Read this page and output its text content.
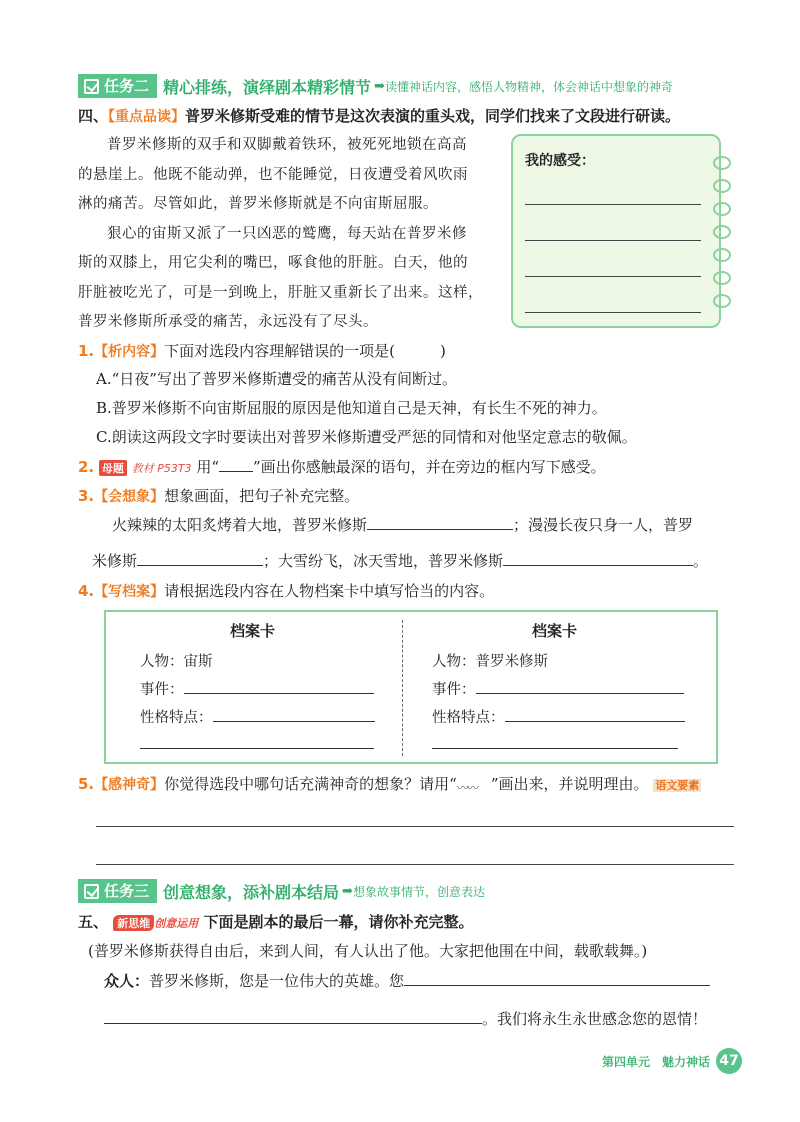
任务二 精心排练，演绎剧本精彩情节 ➡ 读懂神话内容，感悟人物精神，体会神话中想象的神奇
四、【重点品读】普罗米修斯受难的情节是这次表演的重头戏，同学们找来了文段进行研读。

普罗米修斯的双手和双脚戴着铁环，被死死地锁在高高

的悬崖上。他既不能动弹，也不能睡觉，日夜遭受着风吹雨

淋的痛苦。尽管如此，普罗米修斯就是不向宙斯屈服。

狠心的宙斯又派了一只凶恶的鹫鹰，每天站在普罗米修

斯的双膝上，用它尖利的嘴巴，啄食他的肝脏。白天，他的

肝脏被吃光了，可是一到晚上，肝脏又重新长了出来。这样，

普罗米修斯所承受的痛苦，永远没有了尽头。

我的感受：
1.【析内容】下面对选段内容理解错误的一项是(　　　)
A.“日夜”写出了普罗米修斯遭受的痛苦从没有间断过。
B.普罗米修斯不向宙斯屈服的原因是他知道自己是天神，有长生不死的神力。
C.朗读这两段文字时要读出对普罗米修斯遭受严惩的同情和对他坚定意志的敬佩。
2. 母题 教材 P53T3 用“ ”画出你感触最深的语句，并在旁边的框内写下感受。
3.【会想象】想象画面，把句子补充完整。
火辣辣的太阳炙烤着大地，普罗米修斯	；漫漫长夜只身一人，普罗
米修斯	；大雪纷飞，冰天雪地，普罗米修斯	。
4.【写档案】请根据选段内容在人物档案卡中填写恰当的内容。
档案卡
人物：宙斯
事件：
性格特点：
档案卡
人物：普罗米修斯
事件：
性格特点：
5.【感神奇】你觉得选段中哪句话充满神奇的想象？请用“〰〰 ”画出来，并说明理由。 语文要素
任务三 创意想象，添补剧本结局 ➡ 想象故事情节，创意表达
五、 新思维 创意运用 下面是剧本的最后一幕，请你补充完整。
(普罗米修斯获得自由后，来到人间，有人认出了他。大家把他围在中间，载歌载舞。)
众人：普罗米修斯，您是一位伟大的英雄。您
。我们将永生永世感念您的恩情！
第四单元　魅力神话 47
